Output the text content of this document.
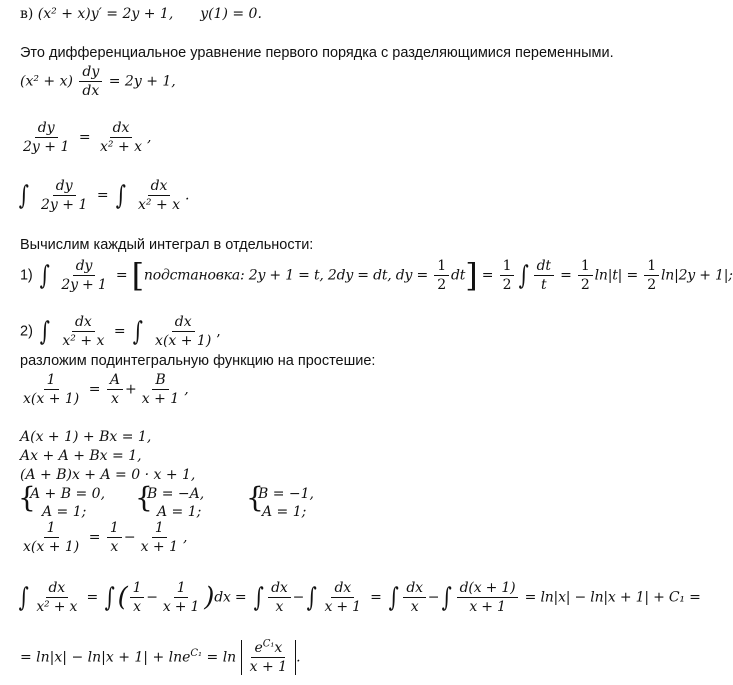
в) (x² + x)y′ = 2y + 1, y(1) = 0.
Это дифференциальное уравнение первого порядка с разделяющимися переменными.
$(x^2 + x) \frac{dy}{dx} = 2y + 1$,
$\frac{dy}{2y + 1} = \frac{dx}{\text{x² + x}}$ ,
∫ $\frac{dy}{2y + 1}$ = ∫ $\frac{dx}{\text{x² + x}}$ .
Вычислим каждый интеграл в отдельности:
1) ∫ $\frac{dy}{2y + 1}$ = [подстановка: 2y + 1 = t, 2dy = dt, dy = $\frac{1}{2} dt] = \frac{1}{2}$ ∫ $\frac{dt}{t} = \frac{1}{2} \ln|t| = \frac{1}{2} \ln|2y + 1|$;
2) ∫ $\frac{dx}{\text{x² + x}}$ = ∫ $\frac{dx}{x(x + 1)}$ ,
разложим подинтегральную функцию на простешие:
$\frac{1}{x(x + 1)} = \frac{A}{x} + \frac{B}{x + 1}$ ,
A(x + 1) + Bx = 1,
Ax + A + Bx = 1,
(A + B)x + A = 0 · x + 1,
{
A + B = 0,
A = 1; {
B = −A,
A = 1; {
B = −1,
A = 1;
$\frac{1}{x(x + 1)} = \frac{1}{x} - \frac{1}{x + 1}$ ,
∫ $\frac{dx}{\text{x² + x}}$ = ∫ ( $\frac{1}{x} - \frac{1}{x + 1} )dx$ = ∫ $\frac{dx}{x}$ − ∫ $\frac{dx}{x + 1}$ = ∫ $\frac{dx}{x}$ − ∫ $\frac{d(x + 1)}{x + 1} = \ln|x| - \ln|x + 1| + C_1$ =
= $\ln|x| - \ln|x + 1| + \ln e^{C_1} = \ln \frac{e^{C_1}x}{x + 1}$ .
